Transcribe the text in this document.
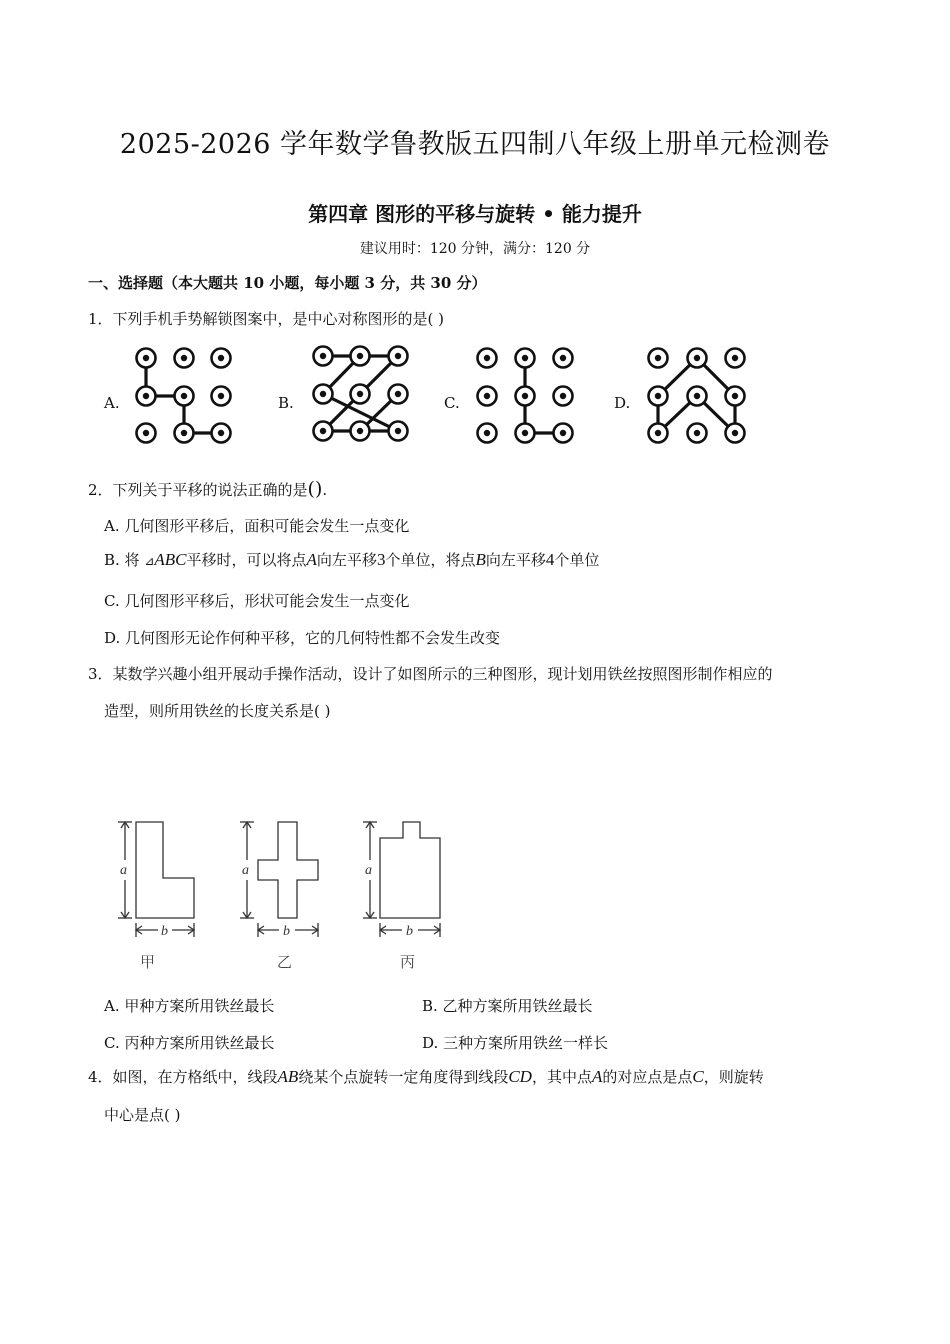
2025-2026 学年数学鲁教版五四制八年级上册单元检测卷
第四章 图形的平移与旋转 • 能力提升
建议用时：120 分钟，满分：120 分
一、选择题（本大题共 10 小题，每小题 3 分，共 30 分）
1．下列手机手势解锁图案中，是中心对称图形的是( )
A.	B.	C.	D.
2．下列关于平移的说法正确的是().
A. 几何图形平移后，面积可能会发生一点变化
B. 将 ⊿ABC平移时，可以将点A向左平移3个单位，将点B向左平移4个单位
C. 几何图形平移后，形状可能会发生一点变化
D. 几何图形无论作何种平移，它的几何特性都不会发生改变
3．某数学兴趣小组开展动手操作活动，设计了如图所示的三种图形，现计划用铁丝按照图形制作相应的
造型，则所用铁丝的长度关系是( )
a
b
a
b
a
b
甲	乙	丙
A. 甲种方案所用铁丝最长	B. 乙种方案所用铁丝最长
C. 丙种方案所用铁丝最长	D. 三种方案所用铁丝一样长
4．如图，在方格纸中，线段AB绕某个点旋转一定角度得到线段CD，其中点A的对应点是点C，则旋转
中心是点( )
